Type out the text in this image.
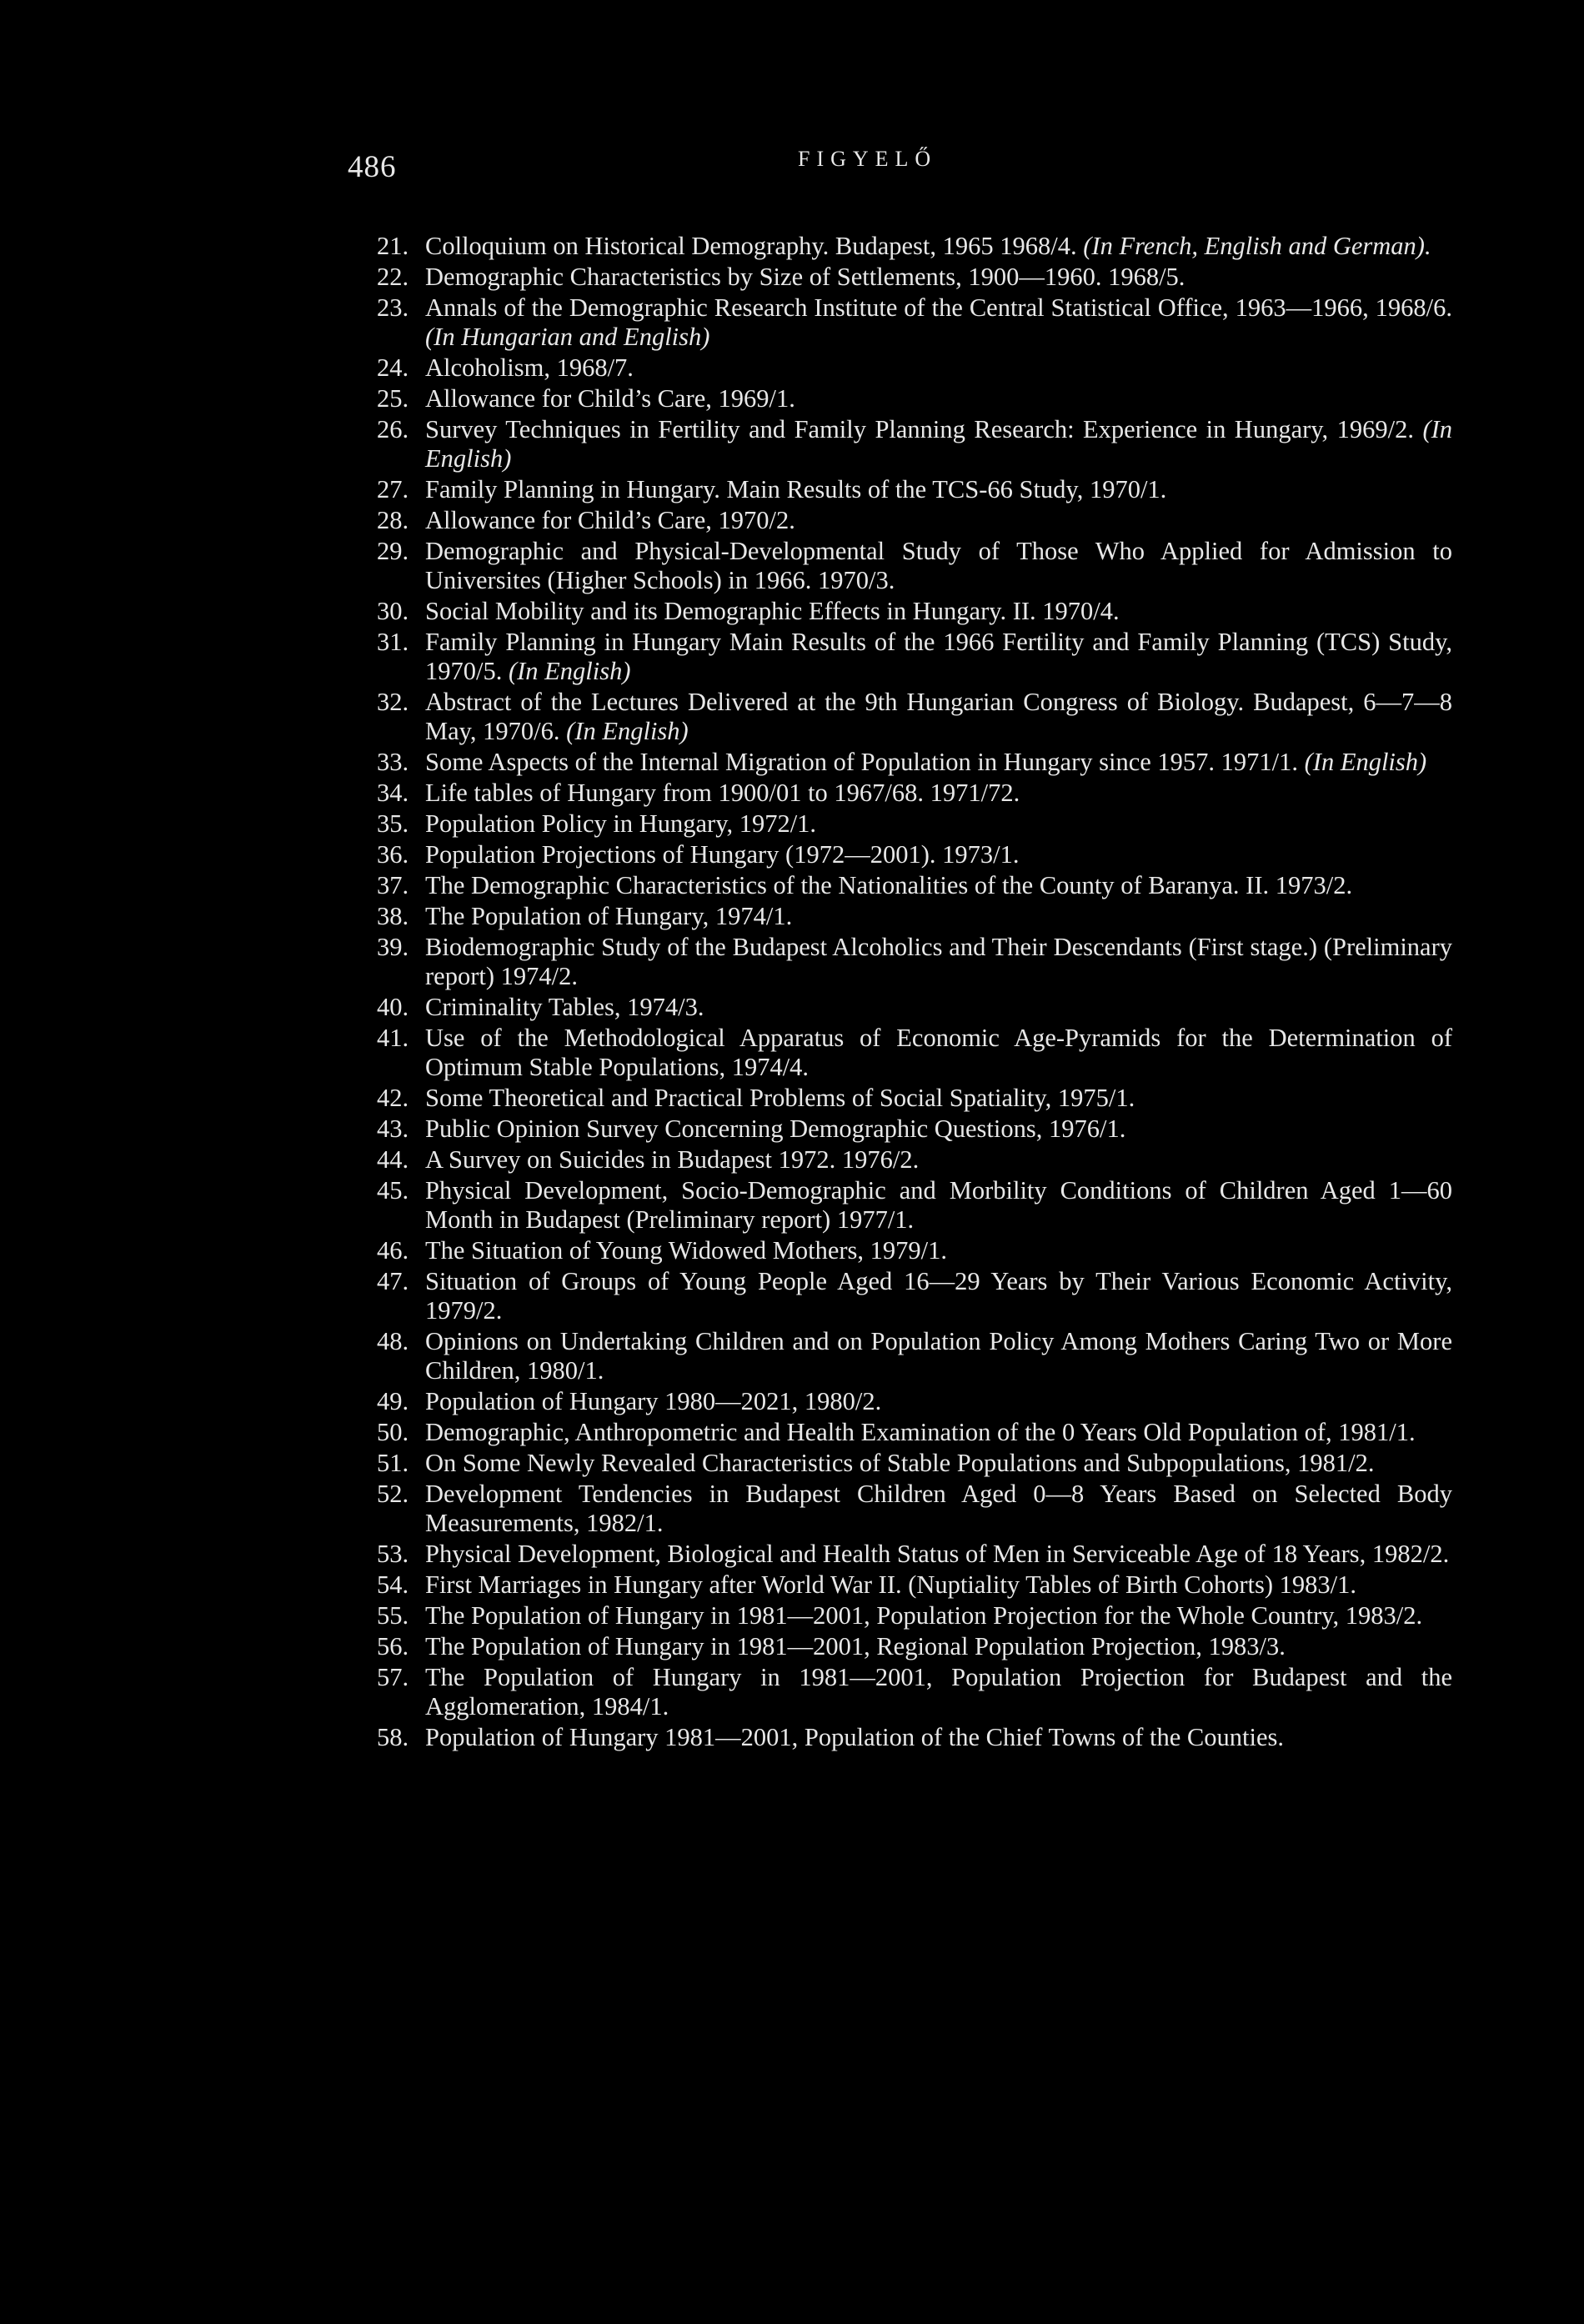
486	FIGYELŐ
21. Colloquium on Historical Demography. Budapest, 1965 1968/4. (In French, English and German).
22. Demographic Characteristics by Size of Settlements, 1900—1960. 1968/5.
23. Annals of the Demographic Research Institute of the Central Statistical Office, 1963—1966, 1968/6. (In Hungarian and English)
24. Alcoholism, 1968/7.
25. Allowance for Child’s Care, 1969/1.
26. Survey Techniques in Fertility and Family Planning Research: Experience in Hungary, 1969/2. (In English)
27. Family Planning in Hungary. Main Results of the TCS-66 Study, 1970/1.
28. Allowance for Child’s Care, 1970/2.
29. Demographic and Physical-Developmental Study of Those Who Applied for Admission to Universites (Higher Schools) in 1966. 1970/3.
30. Social Mobility and its Demographic Effects in Hungary. II. 1970/4.
31. Family Planning in Hungary Main Results of the 1966 Fertility and Family Planning (TCS) Study, 1970/5. (In English)
32. Abstract of the Lectures Delivered at the 9th Hungarian Congress of Biology. Budapest, 6—7—8 May, 1970/6. (In English)
33. Some Aspects of the Internal Migration of Population in Hungary since 1957. 1971/1. (In English)
34. Life tables of Hungary from 1900/01 to 1967/68. 1971/72.
35. Population Policy in Hungary, 1972/1.
36. Population Projections of Hungary (1972—2001). 1973/1.
37. The Demographic Characteristics of the Nationalities of the County of Baranya. II. 1973/2.
38. The Population of Hungary, 1974/1.
39. Biodemographic Study of the Budapest Alcoholics and Their Descendants (First stage.) (Preliminary report) 1974/2.
40. Criminality Tables, 1974/3.
41. Use of the Methodological Apparatus of Economic Age-Pyramids for the Determination of Optimum Stable Populations, 1974/4.
42. Some Theoretical and Practical Problems of Social Spatiality, 1975/1.
43. Public Opinion Survey Concerning Demographic Questions, 1976/1.
44. A Survey on Suicides in Budapest 1972. 1976/2.
45. Physical Development, Socio-Demographic and Morbility Conditions of Children Aged 1—60 Month in Budapest (Preliminary report) 1977/1.
46. The Situation of Young Widowed Mothers, 1979/1.
47. Situation of Groups of Young People Aged 16—29 Years by Their Various Economic Activity, 1979/2.
48. Opinions on Undertaking Children and on Population Policy Among Mothers Caring Two or More Children, 1980/1.
49. Population of Hungary 1980—2021, 1980/2.
50. Demographic, Anthropometric and Health Examination of the 0 Years Old Population of, 1981/1.
51. On Some Newly Revealed Characteristics of Stable Populations and Subpopulations, 1981/2.
52. Development Tendencies in Budapest Children Aged 0—8 Years Based on Selected Body Measurements, 1982/1.
53. Physical Development, Biological and Health Status of Men in Serviceable Age of 18 Years, 1982/2.
54. First Marriages in Hungary after World War II. (Nuptiality Tables of Birth Cohorts) 1983/1.
55. The Population of Hungary in 1981—2001, Population Projection for the Whole Country, 1983/2.
56. The Population of Hungary in 1981—2001, Regional Population Projection, 1983/3.
57. The Population of Hungary in 1981—2001, Population Projection for Budapest and the Agglomeration, 1984/1.
58. Population of Hungary 1981—2001, Population of the Chief Towns of the Counties.
